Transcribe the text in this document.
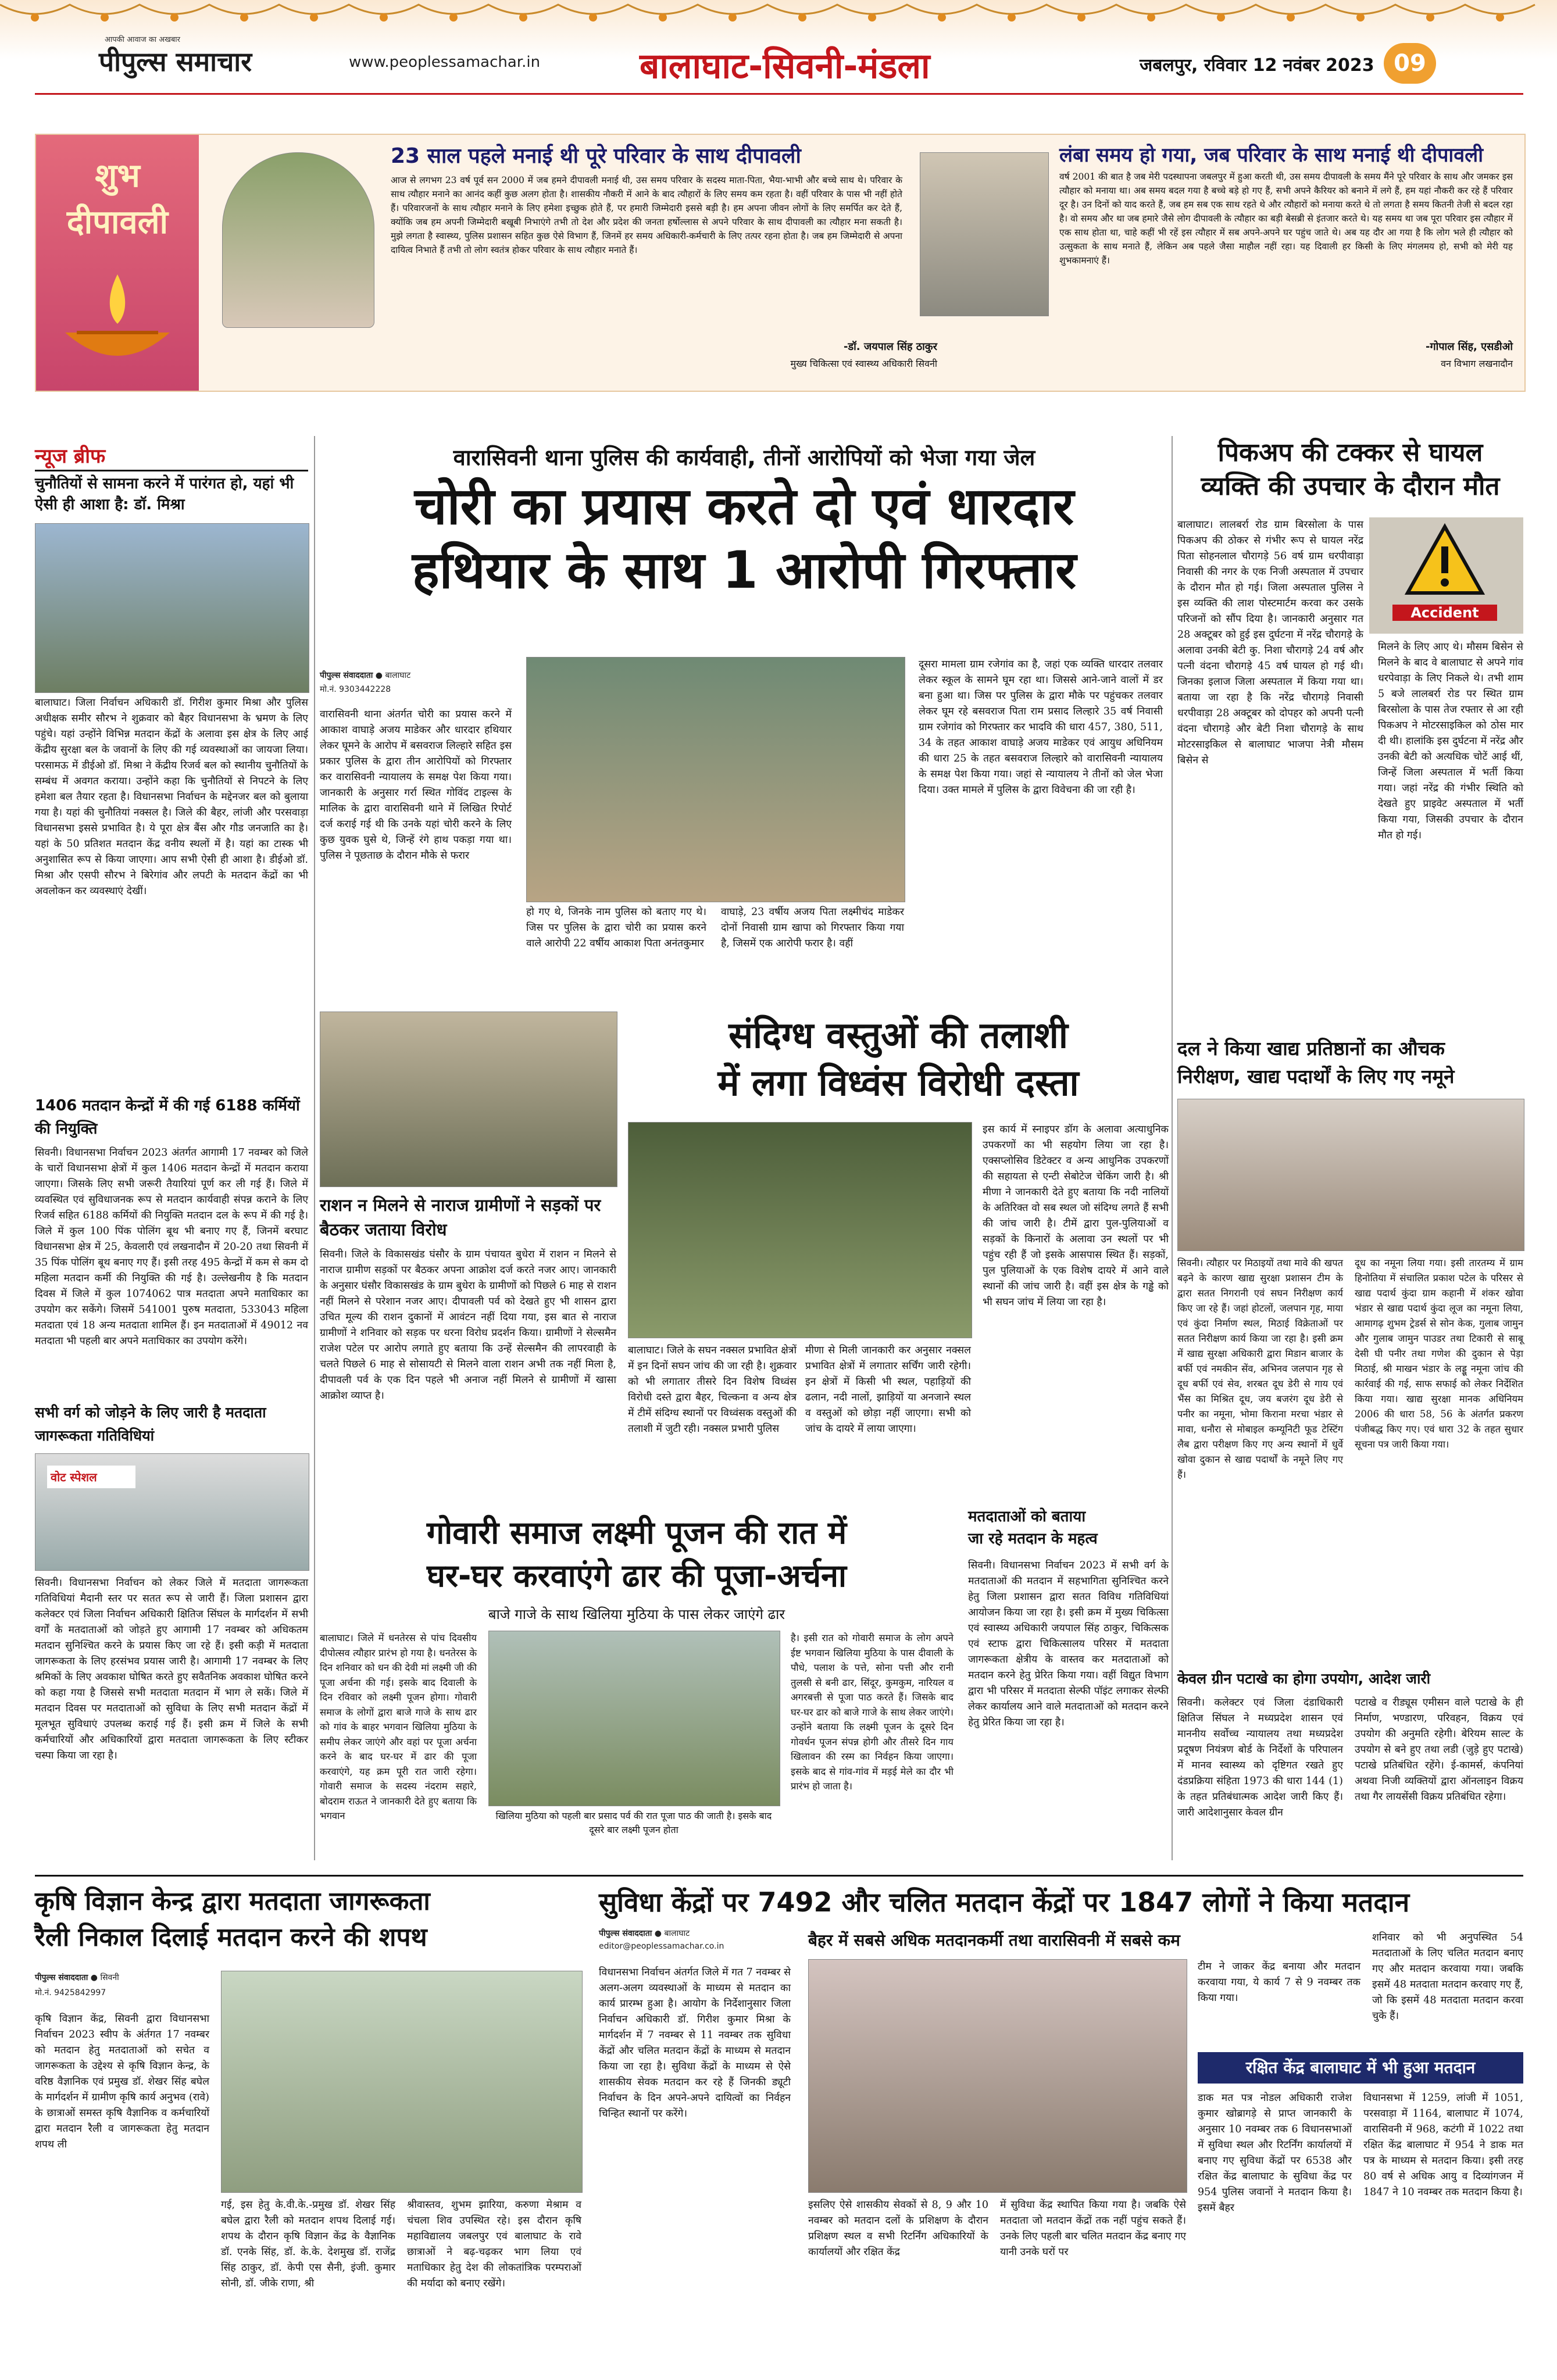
आपकी आवाज का अखबार
पीपुल्स समाचार	www.peoplessamachar.in	बालाघाट-सिवनी-मंडला	जबलपुर, रविवार 12 नवंबर 2023 09
शुभ
दीपावली
23 साल पहले मनाई थी पूरे परिवार के साथ दीपावली
आज से लगभग 23 वर्ष पूर्व सन 2000 में जब हमने दीपावली मनाई थी, उस समय परिवार के सदस्य माता-पिता, भैया-भाभी और बच्चे साथ थे। परिवार के साथ त्यौहार मनाने का आनंद कहीं कुछ अलग होता है। शासकीय नौकरी में आने के बाद त्यौहारों के लिए समय कम रहता है। वहीं परिवार के पास भी नहीं होते हैं। परिवारजनों के साथ त्यौहार मनाने के लिए हमेशा इच्छुक होते हैं, पर हमारी जिम्मेदारी इससे बड़ी है। हम अपना जीवन लोगों के लिए समर्पित कर देते हैं, क्योंकि जब हम अपनी जिम्मेदारी बखूबी निभाएंगे तभी तो देश और प्रदेश की जनता हर्षोल्लास से अपने परिवार के साथ दीपावली का त्यौहार मना सकती है। मुझे लगता है स्वास्थ्य, पुलिस प्रशासन सहित कुछ ऐसे विभाग हैं, जिनमें हर समय अधिकारी-कर्मचारी के लिए तत्पर रहना होता है। जब हम जिम्मेदारी से अपना दायित्व निभाते हैं तभी तो लोग स्वतंत्र होकर परिवार के साथ त्यौहार मनाते हैं।
-डॉ. जयपाल सिंह ठाकुर
मुख्य चिकित्सा एवं स्वास्थ्य अधिकारी सिवनी
लंबा समय हो गया, जब परिवार के साथ मनाई थी दीपावली
वर्ष 2001 की बात है जब मेरी पदस्थापना जबलपुर में हुआ करती थी, उस समय दीपावली के समय मैंने पूरे परिवार के साथ और जमकर इस त्यौहार को मनाया था। अब समय बदल गया है बच्चे बड़े हो गए हैं, सभी अपने कैरियर को बनाने में लगे हैं, हम यहां नौकरी कर रहे हैं परिवार दूर है। उन दिनों को याद करते हैं, जब हम सब एक साथ रहते थे और त्यौहारों को मनाया करते थे तो लगता है समय कितनी तेजी से बदल रहा है। वो समय और था जब हमारे जैसे लोग दीपावली के त्यौहार का बड़ी बेसब्री से इंतजार करते थे। यह समय था जब पूरा परिवार इस त्यौहार में एक साथ होता था, चाहे कहीं भी रहें इस त्यौहार में सब अपने-अपने घर पहुंच जाते थे। अब यह दौर आ गया है कि लोग भले ही त्यौहार को उत्सुकता के साथ मनाते हैं, लेकिन अब पहले जैसा माहौल नहीं रहा। यह दिवाली हर किसी के लिए मंगलमय हो, सभी को मेरी यह शुभकामनाएं हैं।
-गोपाल सिंह, एसडीओ
वन विभाग लखनादौन
न्यूज ब्रीफ
चुनौतियों से सामना करने में पारंगत हो, यहां भी ऐसी ही आशा है: डॉ. मिश्रा
बालाघाट। जिला निर्वाचन अधिकारी डॉ. गिरीश कुमार मिश्रा और पुलिस अधीक्षक समीर सौरभ ने शुक्रवार को बैहर विधानसभा के भ्रमण के लिए पहुंचे। यहां उन्होंने विभिन्न मतदान केंद्रों के अलावा इस क्षेत्र के लिए आई केंद्रीय सुरक्षा बल के जवानों के लिए की गई व्यवस्थाओं का जायजा लिया। परसामऊ में डीईओ डॉ. मिश्रा ने केंद्रीय रिजर्व बल को स्थानीय चुनौतियों के सम्बंध में अवगत कराया। उन्होंने कहा कि चुनौतियों से निपटने के लिए हमेशा बल तैयार रहता है। विधानसभा निर्वाचन के मद्देनजर बल को बुलाया गया है। यहां की चुनौतियां नक्सल है। जिले की बैहर, लांजी और परसवाड़ा विधानसभा इससे प्रभावित है। ये पूरा क्षेत्र बैंस और गौड जनजाति का है। यहां के 50 प्रतिशत मतदान केंद्र वनीय स्थलों में है। यहां का टास्क भी अनुशासित रूप से किया जाएगा। आप सभी ऐसी ही आशा है। डीईओ डॉ. मिश्रा और एसपी सौरभ ने बिरेगांव और लपटी के मतदान केंद्रों का भी अवलोकन कर व्यवस्थाएं देखीं।
1406 मतदान केन्द्रों में की गई 6188 कर्मियों की नियुक्ति
सिवनी। विधानसभा निर्वाचन 2023 अंतर्गत आगामी 17 नवम्बर को जिले के चारों विधानसभा क्षेत्रों में कुल 1406 मतदान केन्द्रों में मतदान कराया जाएगा। जिसके लिए सभी जरूरी तैयारियां पूर्ण कर ली गई हैं। जिले में व्यवस्थित एवं सुविधाजनक रूप से मतदान कार्यवाही संपन्न कराने के लिए रिजर्व सहित 6188 कर्मियों की नियुक्ति मतदान दल के रूप में की गई है। जिले में कुल 100 पिंक पोलिंग बूथ भी बनाए गए हैं, जिनमें बरघाट विधानसभा क्षेत्र में 25, केवलारी एवं लखनादौन में 20-20 तथा सिवनी में 35 पिंक पोलिंग बूथ बनाए गए हैं। इसी तरह 495 केन्द्रों में कम से कम दो महिला मतदान कर्मी की नियुक्ति की गई है। उल्लेखनीय है कि मतदान दिवस में जिले में कुल 1074062 पात्र मतदाता अपने मताधिकार का उपयोग कर सकेंगे। जिसमें 541001 पुरुष मतदाता, 533043 महिला मतदाता एवं 18 अन्य मतदाता शामिल हैं। इन मतदाताओं में 49012 नव मतदाता भी पहली बार अपने मताधिकार का उपयोग करेंगे।
सभी वर्ग को जोड़ने के लिए जारी है मतदाता जागरूकता गतिविधियां
वोट स्पेशल
सिवनी। विधानसभा निर्वाचन को लेकर जिले में मतदाता जागरूकता गतिविधियां मैदानी स्तर पर सतत रूप से जारी हैं। जिला प्रशासन द्वारा कलेक्टर एवं जिला निर्वाचन अधिकारी क्षितिज सिंघल के मार्गदर्शन में सभी वर्गों के मतदाताओं को जोड़ते हुए आगामी 17 नवम्बर को अधिकतम मतदान सुनिश्चित करने के प्रयास किए जा रहे हैं। इसी कड़ी में मतदाता जागरूकता के लिए हरसंभव प्रयास जारी है। आगामी 17 नवम्बर के लिए श्रमिकों के लिए अवकाश घोषित करते हुए सवैतनिक अवकाश घोषित करने को कहा गया है जिससे सभी मतदाता मतदान में भाग ले सकें। जिले में मतदान दिवस पर मतदाताओं को सुविधा के लिए सभी मतदान केंद्रों में मूलभूत सुविधाएं उपलब्ध कराई गई हैं। इसी क्रम में जिले के सभी कर्मचारियों और अधिकारियों द्वारा मतदाता जागरूकता के लिए स्टीकर चस्पा किया जा रहा है।
वारासिवनी थाना पुलिस की कार्यवाही, तीनों आरोपियों को भेजा गया जेल
चोरी का प्रयास करते दो एवं धारदार
हथियार के साथ 1 आरोपी गिरफ्तार
पीपुल्स संवाददाता ● बालाघाट
मो.नं. 9303442228
वारासिवनी थाना अंतर्गत चोरी का प्रयास करने में आकाश वाघाड़े अजय माडेकर और धारदार हथियार लेकर घूमने के आरोप में बसवराज लिल्हारे सहित इस प्रकार पुलिस के द्वारा तीन आरोपियों को गिरफ्तार कर वारासिवनी न्यायालय के समक्ष पेश किया गया। जानकारी के अनुसार गर्रा स्थित गोविंद टाइल्स के मालिक के द्वारा वारासिवनी थाने में लिखित रिपोर्ट दर्ज कराई गई थी कि उनके यहां चोरी करने के लिए कुछ युवक घुसे थे, जिन्हें रंगे हाथ पकड़ा गया था। पुलिस ने पूछताछ के दौरान मौके से फरार
हो गए थे, जिनके नाम पुलिस को बताए गए थे। जिस पर पुलिस के द्वारा चोरी का प्रयास करने वाले आरोपी 22 वर्षीय आकाश पिता अनंतकुमार
वाघाड़े, 23 वर्षीय अजय पिता लक्ष्मीचंद माडेकर दोनों निवासी ग्राम खापा को गिरफ्तार किया गया है, जिसमें एक आरोपी फरार है। वहीं
दूसरा मामला ग्राम रजेगांव का है, जहां एक व्यक्ति धारदार तलवार लेकर स्कूल के सामने घूम रहा था। जिससे आने-जाने वालों में डर बना हुआ था। जिस पर पुलिस के द्वारा मौके पर पहुंचकर तलवार लेकर घूम रहे बसवराज पिता राम प्रसाद लिल्हारे 35 वर्ष निवासी ग्राम रजेगांव को गिरफ्तार कर भादवि की धारा 457, 380, 511, 34 के तहत आकाश वाघाड़े अजय माडेकर एवं आयुध अधिनियम की धारा 25 के तहत बसवराज लिल्हारे को वारासिवनी न्यायालय के समक्ष पेश किया गया। जहां से न्यायालय ने तीनों को जेल भेजा दिया। उक्त मामले में पुलिस के द्वारा विवेचना की जा रही है।
पिकअप की टक्कर से घायल
व्यक्ति की उपचार के दौरान मौत
Accident
बालाघाट। लालबर्रा रोड ग्राम बिरसोला के पास पिकअप की ठोकर से गंभीर रूप से घायल नरेंद्र पिता सोहनलाल चौरागड़े 56 वर्ष ग्राम धरपीवाड़ा निवासी की नगर के एक निजी अस्पताल में उपचार के दौरान मौत हो गई। जिला अस्पताल पुलिस ने इस व्यक्ति की लाश पोस्टमार्टम करवा कर उसके परिजनों को सौंप दिया है। जानकारी अनुसार गत 28 अक्टूबर को हुई इस दुर्घटना में नरेंद्र चौरागड़े के अलावा उनकी बेटी कु. निशा चौरागड़े 24 वर्ष और पत्नी वंदना चौरागड़े 45 वर्ष घायल हो गई थी। जिनका इलाज जिला अस्पताल में किया गया था। बताया जा रहा है कि नरेंद्र चौरागड़े निवासी धरपीवाड़ा 28 अक्टूबर को दोपहर को अपनी पत्नी वंदना चौरागड़े और बेटी निशा चौरागड़े के साथ मोटरसाइकिल से बालाघाट भाजपा नेत्री मौसम बिसेन से
मिलने के लिए आए थे। मौसम बिसेन से मिलने के बाद वे बालाघाट से अपने गांव धरपेवाड़ा के लिए निकले थे। तभी शाम 5 बजे लालबर्रा रोड पर स्थित ग्राम बिरसोला के पास तेज रफ्तार से आ रही पिकअप ने मोटरसाइकिल को ठोस मार दी थी। हालांकि इस दुर्घटना में नरेंद्र और उनकी बेटी को अत्यधिक चोटें आई थीं, जिन्हें जिला अस्पताल में भर्ती किया गया। जहां नरेंद्र की गंभीर स्थिति को देखते हुए प्राइवेट अस्पताल में भर्ती किया गया, जिसकी उपचार के दौरान मौत हो गई।
राशन न मिलने से नाराज ग्रामीणों ने सड़कों पर बैठकर जताया विरोध
सिवनी। जिले के विकासखंड घंसौर के ग्राम पंचायत बुधेरा में राशन न मिलने से नाराज ग्रामीण सड़कों पर बैठकर अपना आक्रोश दर्ज करते नजर आए। जानकारी के अनुसार घंसौर विकासखंड के ग्राम बुधेरा के ग्रामीणों को पिछले 6 माह से राशन नहीं मिलने से परेशान नजर आए। दीपावली पर्व को देखते हुए भी शासन द्वारा उचित मूल्य की राशन दुकानों में आवंटन नहीं दिया गया, इस बात से नाराज ग्रामीणों ने शनिवार को सड़क पर धरना विरोध प्रदर्शन किया। ग्रामीणों ने सेल्समैन राजेश पटेल पर आरोप लगाते हुए बताया कि उन्हें सेल्समैन की लापरवाही के चलते पिछले 6 माह से सोसायटी से मिलने वाला राशन अभी तक नहीं मिला है, दीपावली पर्व के एक दिन पहले भी अनाज नहीं मिलने से ग्रामीणों में खासा आक्रोश व्याप्त है।
संदिग्ध वस्तुओं की तलाशी
में लगा विध्वंस विरोधी दस्ता
बालाघाट। जिले के सघन नक्सल प्रभावित क्षेत्रों में इन दिनों सघन जांच की जा रही है। शुक्रवार को भी लगातार तीसरे दिन विशेष विध्वंस विरोधी दस्ते द्वारा बैहर, चिल्कना व अन्य क्षेत्र में टीमें संदिग्ध स्थानों पर विध्वंसक वस्तुओं की तलाशी में जुटी रही। नक्सल प्रभारी पुलिस
मीणा से मिली जानकारी कर अनुसार नक्सल प्रभावित क्षेत्रों में लगातार सर्चिंग जारी रहेगी। इन क्षेत्रों में किसी भी स्थल, पहाड़ियों की ढलान, नदी नालों, झाड़ियों या अनजाने स्थल व वस्तुओं को छोड़ा नहीं जाएगा। सभी को जांच के दायरे में लाया जाएगा।
इस कार्य में स्नाइपर डॉग के अलावा अत्याधुनिक उपकरणों का भी सहयोग लिया जा रहा है। एक्सप्लोसिव डिटेक्टर व अन्य आधुनिक उपकरणों की सहायता से एन्टी सेबोटेज चेकिंग जारी है। श्री मीणा ने जानकारी देते हुए बताया कि नदी नालियों के अतिरिक्त वो सब स्थल जो संदिग्ध लगते हैं सभी की जांच जारी है। टीमें द्वारा पुल-पुलियाओं व सड़कों के किनारों के अलावा उन स्थलों पर भी पहुंच रही हैं जो इसके आसपास स्थित हैं। सड़कों, पुल पुलियाओं के एक विशेष दायरे में आने वाले स्थानों की जांच जारी है। वहीं इस क्षेत्र के गड्ढे को भी सघन जांच में लिया जा रहा है।
दल ने किया खाद्य प्रतिष्ठानों का औचक
निरीक्षण, खाद्य पदार्थों के लिए गए नमूने
सिवनी। त्यौहार पर मिठाइयों तथा मावे की खपत बढ़ने के कारण खाद्य सुरक्षा प्रशासन टीम के द्वारा सतत निगरानी एवं सघन निरीक्षण कार्य किए जा रहे हैं। जहां होटलों, जलपान गृह, माया एवं कुंदा निर्माण स्थल, मिठाई विक्रेताओं पर सतत निरीक्षण कार्य किया जा रहा है। इसी क्रम में खाद्य सुरक्षा अधिकारी द्वारा मिडान बाजार के बर्फी एवं नमकीन सेंव, अभिनव जलपान गृह से दूध बर्फी एवं सेव, शरबत दूध डेरी से गाय एवं भैंस का मिश्रित दूध, जय बजरंग दूध डेरी से पनीर का नमूना, भोमा किराना मरचा भंडार से मावा, धनौरा से मोबाइल कम्यूनिटी फूड टेस्टिंग लैब द्वारा परीक्षण किए गए अन्य स्थानों में धुर्वे खोवा दुकान से खाद्य पदार्थों के नमूने लिए गए हैं।
दूध का नमूना लिया गया। इसी तारतम्य में ग्राम हिनोतिया में संचालित प्रकाश पटेल के परिसर से खाद्य पदार्थ कुंदा ग्राम कहानी में शंकर खोवा भंडार से खाद्य पदार्थ कुंदा लूज का नमूना लिया, आमागढ़ शुभम ट्रेडर्स से सोन केक, गुलाब जामुन और गुलाब जामुन पाउडर तथा टिकारी से साबू देसी घी पनीर तथा गणेश की दुकान से पेड़ा मिठाई, श्री माखन भंडार के लड्डू नमूना जांच की कार्रवाई की गई, साफ सफाई को लेकर निर्देशित किया गया। खाद्य सुरक्षा मानक अधिनियम 2006 की धारा 58, 56 के अंतर्गत प्रकरण पंजीबद्ध किए गए। एवं धारा 32 के तहत सुधार सूचना पत्र जारी किया गया।
केवल ग्रीन पटाखे का होगा उपयोग, आदेश जारी
सिवनी। कलेक्टर एवं जिला दंडाधिकारी क्षितिज सिंघल ने मध्यप्रदेश शासन एवं माननीय सर्वोच्च न्यायालय तथा मध्यप्रदेश प्रदूषण नियंत्रण बोर्ड के निर्देशों के परिपालन में मानव स्वास्थ्य को दृष्टिगत रखते हुए दंडप्रक्रिया संहिता 1973 की धारा 144 (1) के तहत प्रतिबंधात्मक आदेश जारी किए हैं। जारी आदेशानुसार केवल ग्रीन
पटाखे व रीड्यूस एमीसन वाले पटाखे के ही निर्माण, भण्डारण, परिवहन, विक्रय एवं उपयोग की अनुमति रहेगी। बेरियम साल्ट के उपयोग से बने हुए तथा लडी (जुड़े हुए पटाखे) पटाखे प्रतिबंधित रहेंगे। ई-कामर्स, कंपनियां अथवा निजी व्यक्तियों द्वारा ऑनलाइन विक्रय तथा गैर लायसेंसी विक्रय प्रतिबंधित रहेगा।
गोवारी समाज लक्ष्मी पूजन की रात में
घर-घर करवाएंगे ढार की पूजा-अर्चना
बाजे गाजे के साथ खिलिया मुठिया के पास लेकर जाएंगे ढार
बालाघाट। जिले में धनतेरस से पांच दिवसीय दीपोत्सव त्यौहार प्रारंभ हो गया है। धनतेरस के दिन शनिवार को धन की देवी मां लक्ष्मी जी की पूजा अर्चना की गई। इसके बाद दिवाली के दिन रविवार को लक्ष्मी पूजन होगा। गोवारी समाज के लोगों द्वारा बाजे गाजे के साथ ढार को गांव के बाहर भगवान खिलिया मुठिया के समीप लेकर जाएंगे और वहां पर पूजा अर्चना करने के बाद घर-घर में ढार की पूजा करवाएंगे, यह क्रम पूरी रात जारी रहेगा। गोवारी समाज के सदस्य नंदराम सहारे, बोदराम राऊत ने जानकारी देते हुए बताया कि भगवान	खिलिया मुठिया को पहली बार प्रसाद पर्व की रात पूजा पाठ की जाती है। इसके बाद दूसरे बार लक्ष्मी पूजन होता
है। इसी रात को गोवारी समाज के लोग अपने ईष्ट भगवान खिलिया मुठिया के पास दीवाली के पौधे, पलाश के पत्ते, सोना पत्ती और रानी तुलसी से बनी ढार, सिंदूर, कुमकुम, नारियल व अगरबत्ती से पूजा पाठ करते हैं। जिसके बाद घर-घर ढार को बाजे गाजे के साथ लेकर जाएंगे। उन्होंने बताया कि लक्ष्मी पूजन के दूसरे दिन गोवर्धन पूजन संपन्न होगी और तीसरे दिन गाय खिलावन की रस्म का निर्वहन किया जाएगा। इसके बाद से गांव-गांव में मड़ई मेले का दौर भी प्रारंभ हो जाता है।
मतदाताओं को बताया
जा रहे मतदान के महत्व
सिवनी। विधानसभा निर्वाचन 2023 में सभी वर्ग के मतदाताओं की मतदान में सहभागिता सुनिश्चित करने हेतु जिला प्रशासन द्वारा सतत विविध गतिविधियां आयोजन किया जा रहा है। इसी क्रम में मुख्य चिकित्सा एवं स्वास्थ्य अधिकारी जयपाल सिंह ठाकुर, चिकित्सक एवं स्टाफ द्वारा चिकित्सालय परिसर में मतदाता जागरूकता क्षेत्रीय के वास्तव कर मतदाताओं को मतदान करने हेतु प्रेरित किया गया। वहीं विद्युत विभाग द्वारा भी परिसर में मतदाता सेल्फी पॉइंट लगाकर सेल्फी लेकर कार्यालय आने वाले मतदाताओं को मतदान करने हेतु प्रेरित किया जा रहा है।
कृषि विज्ञान केन्द्र द्वारा मतदाता जागरूकता
रैली निकाल दिलाई मतदान करने की शपथ
पीपुल्स संवाददाता ● सिवनी
मो.नं. 9425842997
कृषि विज्ञान केंद्र, सिवनी द्वारा विधानसभा निर्वाचन 2023 स्वीप के अंर्तगत 17 नवम्बर को मतदान हेतु मतदाताओं को सचेत व जागरूकता के उद्देश्य से कृषि विज्ञान केन्द्र, के वरिष्ठ वैज्ञानिक एवं प्रमुख डॉ. शेखर सिंह बघेल के मार्गदर्शन में ग्रामीण कृषि कार्य अनुभव (रावे) के छात्राओं समस्त कृषि वैज्ञानिक व कर्मचारियों द्वारा मतदान रैली व जागरूकता हेतु मतदान शपथ ली
गई, इस हेतु के.वी.के.-प्रमुख डॉ. शेखर सिंह बघेल द्वारा रैली को मतदान शपथ दिलाई गई। शपथ के दौरान कृषि विज्ञान केंद्र के वैज्ञानिक डॉ. एनके सिंह, डॉ. के.के. देशमुख डॉ. राजेंद्र सिंह ठाकुर, डॉ. केपी एस सैनी, इंजी. कुमार सोनी, डॉ. जीके राणा, श्री
श्रीवास्तव, शुभम झारिया, करुणा मेश्राम व चंचला शिव उपस्थित रहे। इस दौरान कृषि महाविद्यालय जबलपुर एवं बालाघाट के रावे छात्राओं ने बढ़-चढ़कर भाग लिया एवं मताधिकार हेतु देश की लोकतांत्रिक परम्पराओं की मर्यादा को बनाए रखेंगे।
सुविधा केंद्रों पर 7492 और चलित मतदान केंद्रों पर 1847 लोगों ने किया मतदान
पीपुल्स संवाददाता ● बालाघाट
editor@peoplessamachar.co.in	बैहर में सबसे अधिक मतदानकर्मी तथा वारासिवनी में सबसे कम
विधानसभा निर्वाचन अंतर्गत जिले में गत 7 नवम्बर से अलग-अलग व्यवस्थाओं के माध्यम से मतदान का कार्य प्रारम्भ हुआ है। आयोग के निर्देशानुसार जिला निर्वाचन अधिकारी डॉ. गिरीश कुमार मिश्रा के मार्गदर्शन में 7 नवम्बर से 11 नवम्बर तक सुविधा केंद्रों और चलित मतदान केंद्रों के माध्यम से मतदान किया जा रहा है। सुविधा केंद्रों के माध्यम से ऐसे शासकीय सेवक मतदान कर रहे हैं जिनकी ड्यूटी निर्वाचन के दिन अपने-अपने दायित्वों का निर्वहन चिन्हित स्थानों पर करेंगे।
इसलिए ऐसे शासकीय सेवकों से 8, 9 और 10 नवम्बर को मतदान दलों के प्रशिक्षण के दौरान प्रशिक्षण स्थल व सभी रिटर्निंग अधिकारियों के कार्यालयों और रक्षित केंद्र
में सुविधा केंद्र स्थापित किया गया है। जबकि ऐसे मतदाता जो मतदान केंद्रों तक नहीं पहुंच सकते हैं। उनके लिए पहली बार चलित मतदान केंद्र बनाए गए यानी उनके घरों पर
टीम ने जाकर केंद्र बनाया और मतदान करवाया गया, ये कार्य 7 से 9 नवम्बर तक किया गया।
शनिवार को भी अनुपस्थित 54 मतदाताओं के लिए चलित मतदान बनाए गए और मतदान करवाया गया। जबकि इसमें 48 मतदाता मतदान करवाए गए हैं, जो कि इसमें 48 मतदाता मतदान करवा चुके हैं।
रक्षित केंद्र बालाघाट में भी हुआ मतदान
डाक मत पत्र नोडल अधिकारी राजेश कुमार खोब्रागड़े से प्राप्त जानकारी के अनुसार 10 नवम्बर तक 6 विधानसभाओं में सुविधा स्थल और रिटर्निंग कार्यालयों में बनाए गए सुविधा केंद्रों पर 6538 और रक्षित केंद्र बालाघाट के सुविधा केंद्र पर 954 पुलिस जवानों ने मतदान किया है। इसमें बैहर
विधानसभा में 1259, लांजी में 1051, परसवाड़ा में 1164, बालाघाट में 1074, वारासिवनी में 968, कटंगी में 1022 तथा रक्षित केंद्र बालाघाट में 954 ने डाक मत पत्र के माध्यम से मतदान किया। इसी तरह 80 वर्ष से अधिक आयु व दिव्यांगजन में 1847 ने 10 नवम्बर तक मतदान किया है।
